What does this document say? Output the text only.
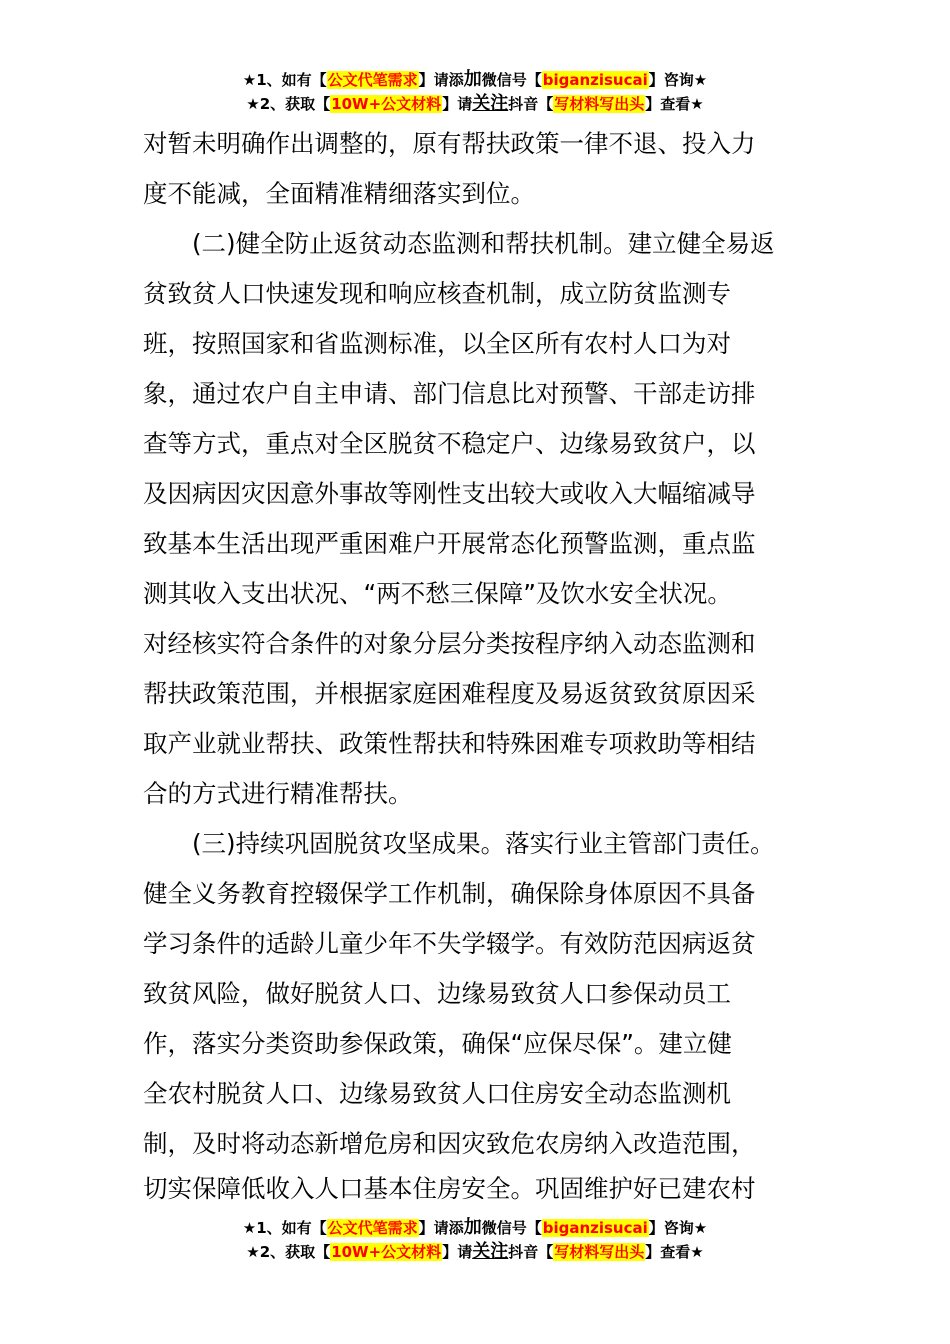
★1、如有【公文代笔需求】请添加微信号【biganzisucai】咨询★
★2、获取【10W+公文材料】请关注抖音【写材料写出头】查看★
对暂未明确作出调整的，原有帮扶政策一律不退、投入力
度不能减，全面精准精细落实到位。
　　(二)健全防止返贫动态监测和帮扶机制。建立健全易返
贫致贫人口快速发现和响应核查机制，成立防贫监测专
班，按照国家和省监测标准，以全区所有农村人口为对
象，通过农户自主申请、部门信息比对预警、干部走访排
查等方式，重点对全区脱贫不稳定户、边缘易致贫户，以
及因病因灾因意外事故等刚性支出较大或收入大幅缩减导
致基本生活出现严重困难户开展常态化预警监测，重点监
测其收入支出状况、“两不愁三保障”及饮水安全状况。
对经核实符合条件的对象分层分类按程序纳入动态监测和
帮扶政策范围，并根据家庭困难程度及易返贫致贫原因采
取产业就业帮扶、政策性帮扶和特殊困难专项救助等相结
合的方式进行精准帮扶。
　　(三)持续巩固脱贫攻坚成果。落实行业主管部门责任。
健全义务教育控辍保学工作机制，确保除身体原因不具备
学习条件的适龄儿童少年不失学辍学。有效防范因病返贫
致贫风险，做好脱贫人口、边缘易致贫人口参保动员工
作，落实分类资助参保政策，确保“应保尽保”。建立健
全农村脱贫人口、边缘易致贫人口住房安全动态监测机
制，及时将动态新增危房和因灾致危农房纳入改造范围，
切实保障低收入人口基本住房安全。巩固维护好已建农村
★1、如有【公文代笔需求】请添加微信号【biganzisucai】咨询★
★2、获取【10W+公文材料】请关注抖音【写材料写出头】查看★
